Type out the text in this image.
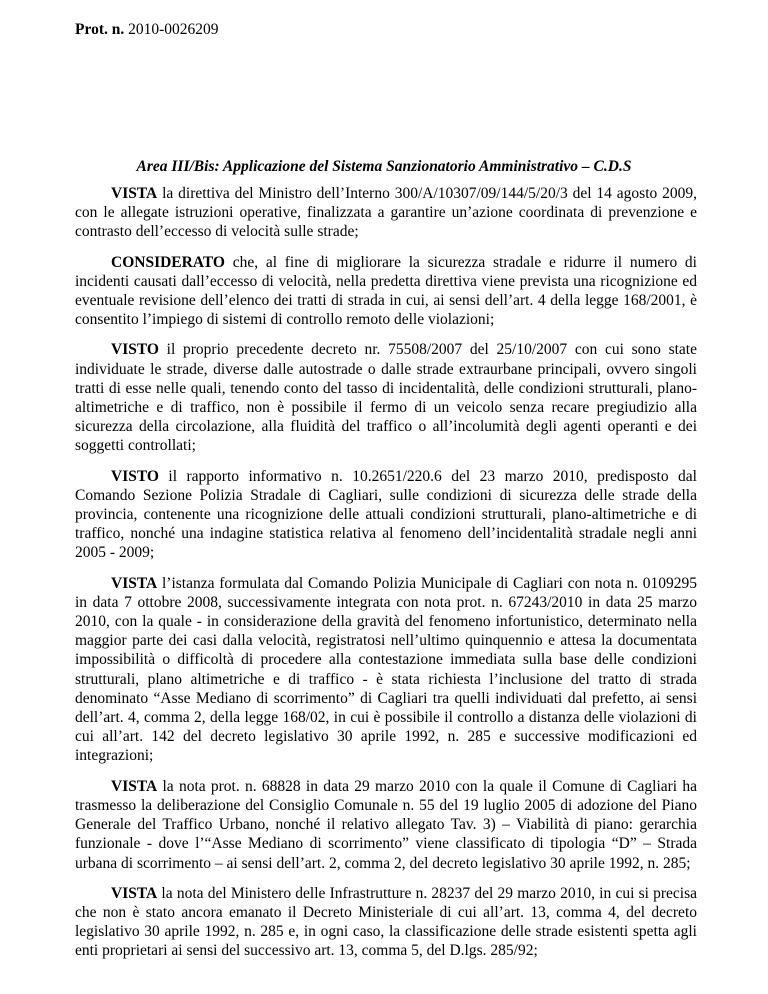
Prot. n. 2010-0026209
Area III/Bis: Applicazione del Sistema Sanzionatorio Amministrativo – C.D.S

VISTA la direttiva del Ministro dell’Interno 300/A/10307/09/144/5/20/3 del 14 agosto 2009, con le allegate istruzioni operative, finalizzata a garantire un’azione coordinata di prevenzione e contrasto dell’eccesso di velocità sulle strade;

CONSIDERATO che, al fine di migliorare la sicurezza stradale e ridurre il numero di incidenti causati dall’eccesso di velocità, nella predetta direttiva viene prevista una ricognizione ed eventuale revisione dell’elenco dei tratti di strada in cui, ai sensi dell’art. 4 della legge 168/2001, è consentito l’impiego di sistemi di controllo remoto delle violazioni;

VISTO il proprio precedente decreto nr. 75508/2007 del 25/10/2007 con cui sono state individuate le strade, diverse dalle autostrade o dalle strade extraurbane principali, ovvero singoli tratti di esse nelle quali, tenendo conto del tasso di incidentalità, delle condizioni strutturali, plano-altimetriche e di traffico, non è possibile il fermo di un veicolo senza recare pregiudizio alla sicurezza della circolazione, alla fluidità del traffico o all’incolumità degli agenti operanti e dei soggetti controllati;

VISTO il rapporto informativo n. 10.2651/220.6 del 23 marzo 2010, predisposto dal Comando Sezione Polizia Stradale di Cagliari, sulle condizioni di sicurezza delle strade della provincia, contenente una ricognizione delle attuali condizioni strutturali, plano-altimetriche e di traffico, nonché una indagine statistica relativa al fenomeno dell’incidentalità stradale negli anni 2005 - 2009;

VISTA l’istanza formulata dal Comando Polizia Municipale di Cagliari con nota n. 0109295 in data 7 ottobre 2008, successivamente integrata con nota prot. n. 67243/2010 in data 25 marzo 2010, con la quale - in considerazione della gravità del fenomeno infortunistico, determinato nella maggior parte dei casi dalla velocità, registratosi nell’ultimo quinquennio e attesa la documentata impossibilità o difficoltà di procedere alla contestazione immediata sulla base delle condizioni strutturali, plano altimetriche e di traffico - è stata richiesta l’inclusione del tratto di strada denominato “Asse Mediano di scorrimento” di Cagliari tra quelli individuati dal prefetto, ai sensi dell’art. 4, comma 2, della legge 168/02, in cui è possibile il controllo a distanza delle violazioni di cui all’art. 142 del decreto legislativo 30 aprile 1992, n. 285 e successive modificazioni ed integrazioni;

VISTA la nota prot. n. 68828 in data 29 marzo 2010 con la quale il Comune di Cagliari ha trasmesso la deliberazione del Consiglio Comunale n. 55 del 19 luglio 2005 di adozione del Piano Generale del Traffico Urbano, nonché il relativo allegato Tav. 3) – Viabilità di piano: gerarchia funzionale - dove l’“Asse Mediano di scorrimento” viene classificato di tipologia “D” – Strada urbana di scorrimento – ai sensi dell’art. 2, comma 2, del decreto legislativo 30 aprile 1992, n. 285;

VISTA la nota del Ministero delle Infrastrutture n. 28237 del 29 marzo 2010, in cui si precisa che non è stato ancora emanato il Decreto Ministeriale di cui all’art. 13, comma 4, del decreto legislativo 30 aprile 1992, n. 285 e, in ogni caso, la classificazione delle strade esistenti spetta agli enti proprietari ai sensi del successivo art. 13, comma 5, del D.lgs. 285/92;
